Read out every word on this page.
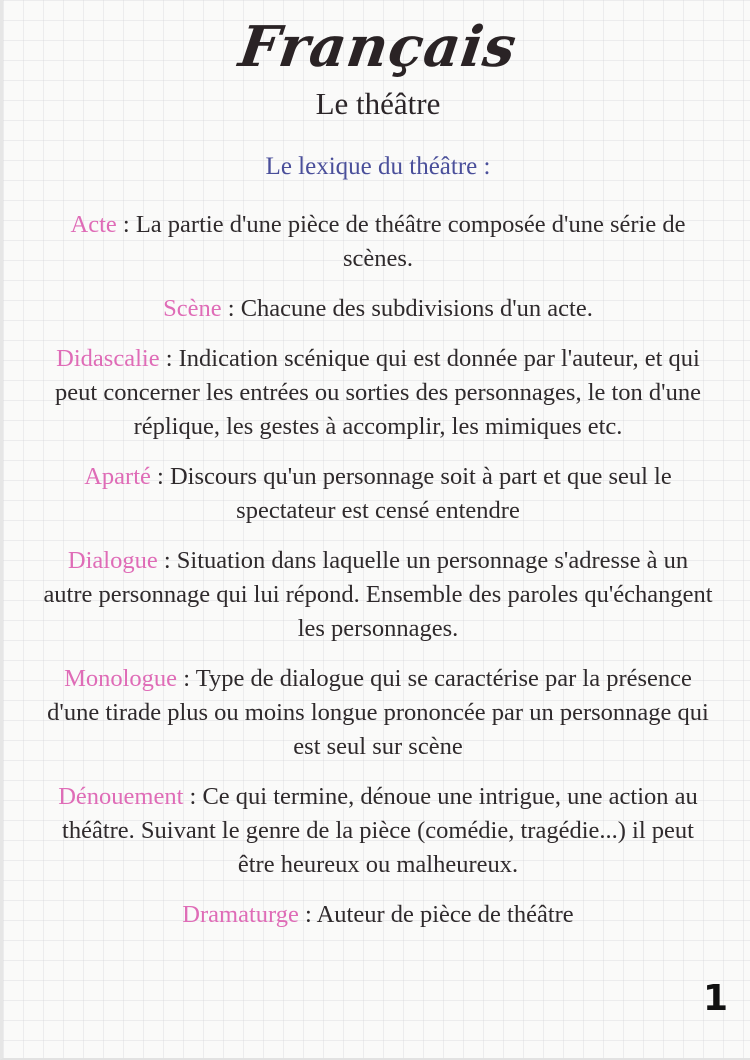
Français
Le théâtre
Le lexique du théâtre :

Acte : La partie d'une pièce de théâtre composée d'une série de scènes.

Scène : Chacune des subdivisions d'un acte.

Didascalie : Indication scénique qui est donnée par l'auteur, et qui peut concerner les entrées ou sorties des personnages, le ton d'une réplique, les gestes à accomplir, les mimiques etc.

Aparté : Discours qu'un personnage soit à part et que seul le spectateur est censé entendre

Dialogue : Situation dans laquelle un personnage s'adresse à un autre personnage qui lui répond. Ensemble des paroles qu'échangent les personnages.

Monologue : Type de dialogue qui se caractérise par la présence d'une tirade plus ou moins longue prononcée par un personnage qui est seul sur scène

Dénouement : Ce qui termine, dénoue une intrigue, une action au théâtre. Suivant le genre de la pièce (comédie, tragédie...) il peut être heureux ou malheureux.

Dramaturge : Auteur de pièce de théâtre

1
